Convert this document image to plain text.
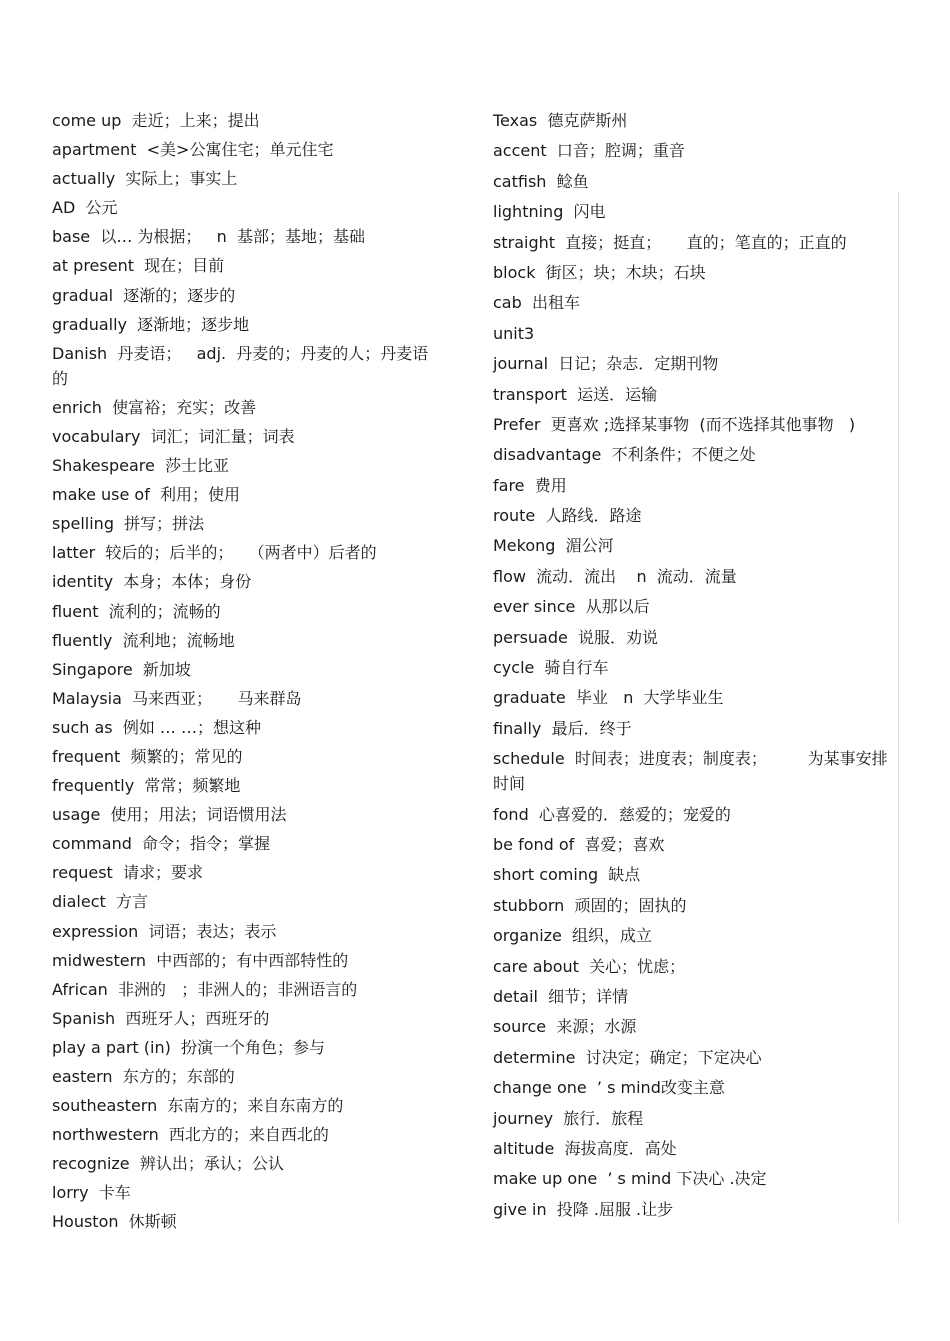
come up 走近；上来；提出
apartment <美>公寓住宅；单元住宅
actually 实际上；事实上
AD 公元
base 以… 为根据；   n  基部；基地；基础
at present 现在；目前
gradual 逐渐的；逐步的
gradually 逐渐地；逐步地
Danish 丹麦语；   adj.  丹麦的；丹麦的人；丹麦语的
enrich 使富裕；充实；改善
vocabulary 词汇；词汇量；词表
Shakespeare 莎士比亚
make use of 利用；使用
spelling 拼写；拼法
latter 较后的；后半的；   （两者中）后者的
identity 本身；本体；身份
fluent 流利的；流畅的
fluently 流利地；流畅地
Singapore 新加坡
Malaysia 马来西亚；     马来群岛
such as 例如 … …；想这种
frequent 频繁的；常见的
frequently 常常；频繁地
usage 使用；用法；词语惯用法
command 命令；指令；掌握
request 请求；要求
dialect 方言
expression 词语；表达；表示
midwestern 中西部的；有中西部特性的
African 非洲的   ；非洲人的；非洲语言的
Spanish 西班牙人；西班牙的
play a part (in) 扮演一个角色；参与
eastern 东方的；东部的
southeastern 东南方的；来自东南方的
northwestern 西北方的；来自西北的
recognize 辨认出；承认；公认
lorry 卡车
Houston 休斯顿
Texas 德克萨斯州
accent 口音；腔调；重音
catfish 鲶鱼
lightning 闪电
straight 直接；挺直；     直的；笔直的；正直的
block 街区；块；木块；石块
cab 出租车
unit3
journal 日记；杂志．定期刊物
transport 运送．运输
Prefer 更喜欢 ;选择某事物  (而不选择其他事物   )
disadvantage 不利条件；不便之处
fare 费用
route 人路线．路途
Mekong 湄公河
flow 流动．流出    n  流动．流量
ever since 从那以后
persuade 说服．劝说
cycle 骑自行车
graduate 毕业   n  大学毕业生
finally 最后．终于
schedule 时间表；进度表；制度表；        为某事安排时间
fond 心喜爱的．慈爱的；宠爱的
be fond of 喜爱；喜欢
short coming 缺点
stubborn 顽固的；固执的
organize 组织，成立
care about 关心；忧虑；
detail 细节；详情
source 来源；水源
determine 讨决定；确定；下定决心
change one ’ s mind改变主意
journey 旅行．旅程
altitude 海拔高度．高处
make up one ’ s mind 下决心 .决定
give in 投降 .屈服 .让步
